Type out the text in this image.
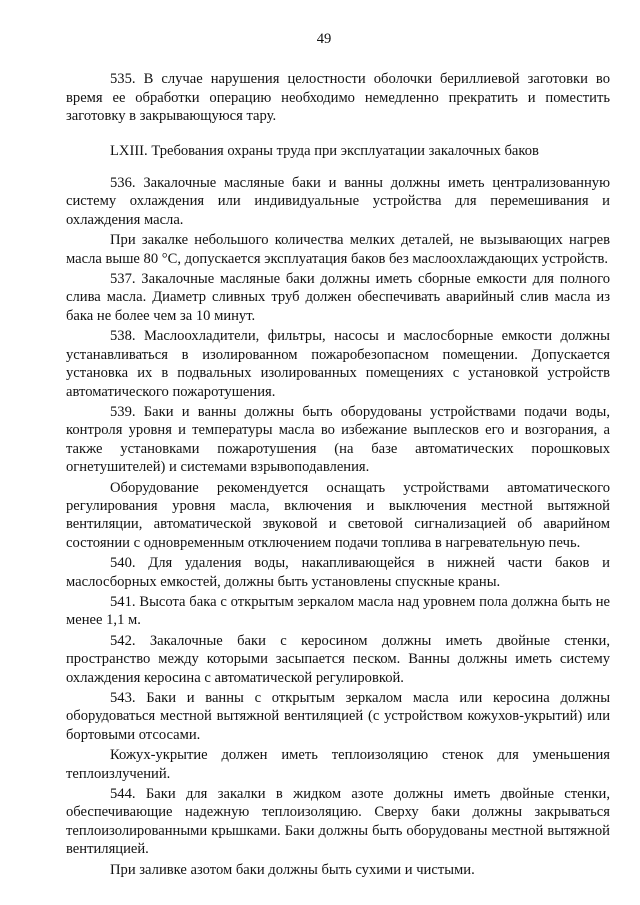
49

535. В случае нарушения целостности оболочки бериллиевой заготовки во время ее обработки операцию необходимо немедленно прекратить и поместить заготовку в закрывающуюся тару.

LXIII. Требования охраны труда при эксплуатации закалочных баков

536. Закалочные масляные баки и ванны должны иметь централизованную систему охлаждения или индивидуальные устройства для перемешивания и охлаждения масла.

При закалке небольшого количества мелких деталей, не вызывающих нагрев масла выше 80 °С, допускается эксплуатация баков без маслоохлаждающих устройств.

537. Закалочные масляные баки должны иметь сборные емкости для полного слива масла. Диаметр сливных труб должен обеспечивать аварийный слив масла из бака не более чем за 10 минут.

538. Маслоохладители, фильтры, насосы и маслосборные емкости должны устанавливаться в изолированном пожаробезопасном помещении. Допускается установка их в подвальных изолированных помещениях с установкой устройств автоматического пожаротушения.

539. Баки и ванны должны быть оборудованы устройствами подачи воды, контроля уровня и температуры масла во избежание выплесков его и возгорания, а также установками пожаротушения (на базе автоматических порошковых огнетушителей) и системами взрывоподавления.

Оборудование рекомендуется оснащать устройствами автоматического регулирования уровня масла, включения и выключения местной вытяжной вентиляции, автоматической звуковой и световой сигнализацией об аварийном состоянии с одновременным отключением подачи топлива в нагревательную печь.

540. Для удаления воды, накапливающейся в нижней части баков и маслосборных емкостей, должны быть установлены спускные краны.

541. Высота бака с открытым зеркалом масла над уровнем пола должна быть не менее 1,1 м.

542. Закалочные баки с керосином должны иметь двойные стенки, пространство между которыми засыпается песком. Ванны должны иметь систему охлаждения керосина с автоматической регулировкой.

543. Баки и ванны с открытым зеркалом масла или керосина должны оборудоваться местной вытяжной вентиляцией (с устройством кожухов-укрытий) или бортовыми отсосами.

Кожух-укрытие должен иметь теплоизоляцию стенок для уменьшения теплоизлучений.

544. Баки для закалки в жидком азоте должны иметь двойные стенки, обеспечивающие надежную теплоизоляцию. Сверху баки должны закрываться теплоизолированными крышками. Баки должны быть оборудованы местной вытяжной вентиляцией.

При заливке азотом баки должны быть сухими и чистыми.
